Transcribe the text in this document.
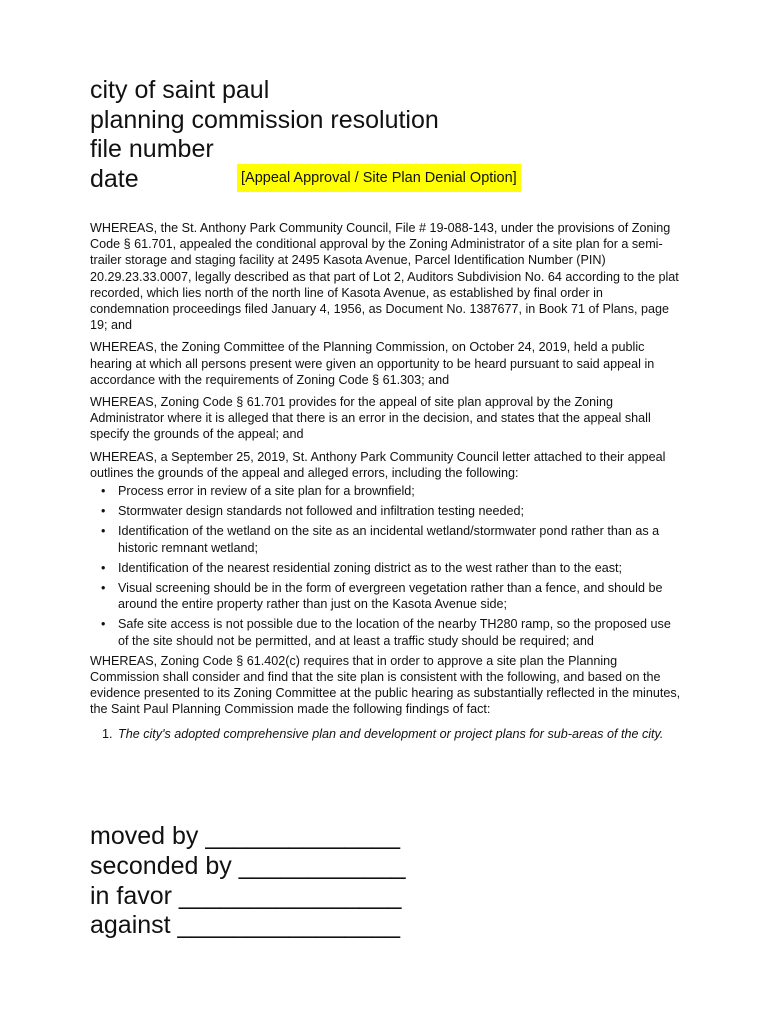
city of saint paul
planning commission resolution
file number
date	[Appeal Approval / Site Plan Denial Option]

WHEREAS, the St. Anthony Park Community Council, File # 19-088-143, under the provisions of Zoning Code § 61.701, appealed the conditional approval by the Zoning Administrator of a site plan for a semi-trailer storage and staging facility at 2495 Kasota Avenue, Parcel Identification Number (PIN) 20.29.23.33.0007, legally described as that part of Lot 2, Auditors Subdivision No. 64 according to the plat recorded, which lies north of the north line of Kasota Avenue, as established by final order in condemnation proceedings filed January 4, 1956, as Document No. 1387677, in Book 71 of Plans, page 19; and

WHEREAS, the Zoning Committee of the Planning Commission, on October 24, 2019, held a public hearing at which all persons present were given an opportunity to be heard pursuant to said appeal in accordance with the requirements of Zoning Code § 61.303; and

WHEREAS, Zoning Code § 61.701 provides for the appeal of site plan approval by the Zoning Administrator where it is alleged that there is an error in the decision, and states that the appeal shall specify the grounds of the appeal; and

WHEREAS, a September 25, 2019, St. Anthony Park Community Council letter attached to their appeal outlines the grounds of the appeal and alleged errors, including the following:

• Process error in review of a site plan for a brownfield;
• Stormwater design standards not followed and infiltration testing needed;
• Identification of the wetland on the site as an incidental wetland/stormwater pond rather than as a historic remnant wetland;
• Identification of the nearest residential zoning district as to the west rather than to the east;
• Visual screening should be in the form of evergreen vegetation rather than a fence, and should be around the entire property rather than just on the Kasota Avenue side;
• Safe site access is not possible due to the location of the nearby TH280 ramp, so the proposed use of the site should not be permitted, and at least a traffic study should be required; and

WHEREAS, Zoning Code § 61.402(c) requires that in order to approve a site plan the Planning Commission shall consider and find that the site plan is consistent with the following, and based on the evidence presented to its Zoning Committee at the public hearing as substantially reflected in the minutes, the Saint Paul Planning Commission made the following findings of fact:

1. The city's adopted comprehensive plan and development or project plans for sub-areas of the city.
moved by ______________
seconded by ____________
in favor ________________
against ________________
